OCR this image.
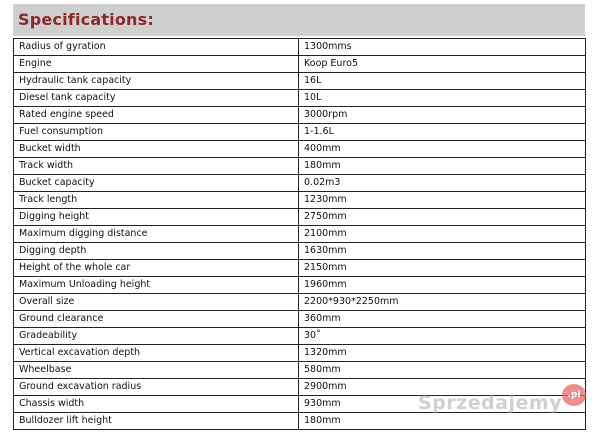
Specifications:
Radius of gyration	1300mms
Engine	Koop Euro5
Hydraulic tank capacity	16L
Diesel tank capacity	10L
Rated engine speed	3000rpm
Fuel consumption	1-1.6L
Bucket width	400mm
Track width	180mm
Bucket capacity	0.02m3
Track length	1230mm
Digging height	2750mm
Maximum digging distance	2100mm
Digging depth	1630mm
Height of the whole car	2150mm
Maximum Unloading height	1960mm
Overall size	2200*930*2250mm
Ground clearance	360mm
Gradeability	30˚
Vertical excavation depth	1320mm
Wheelbase	580mm
Ground excavation radius	2900mm
Chassis width	930mm
Bulldozer lift height	180mm
Sprzedajemy .pl
